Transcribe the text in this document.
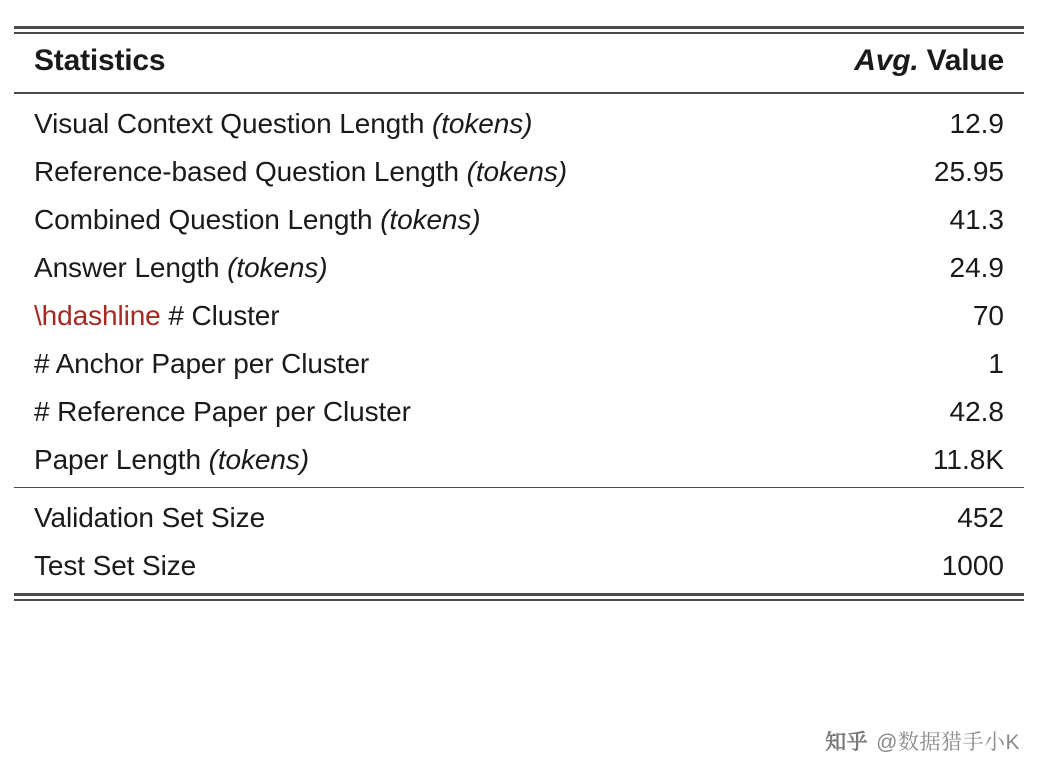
Statistics	Avg. Value
Visual Context Question Length (tokens)	12.9
Reference-based Question Length (tokens)	25.95
Combined Question Length (tokens)	41.3
Answer Length (tokens)	24.9
\hdashline # Cluster	70
# Anchor Paper per Cluster	1
# Reference Paper per Cluster	42.8
Paper Length (tokens)	11.8K
Validation Set Size	452
Test Set Size	1000
知乎 @数据猎手小K
